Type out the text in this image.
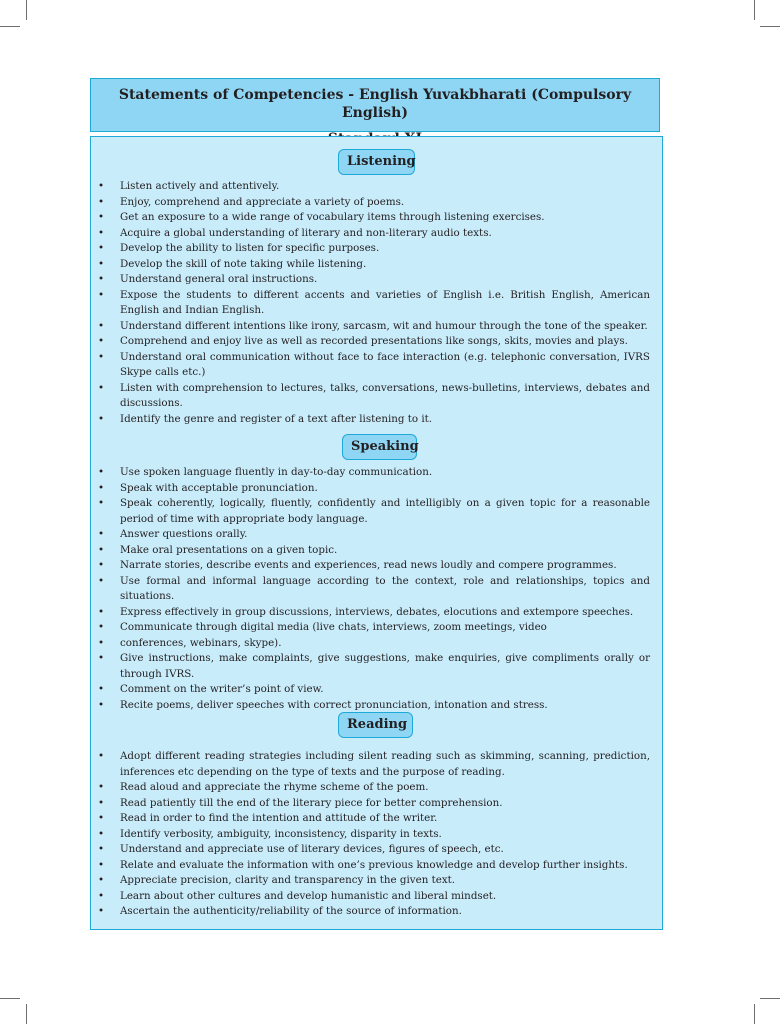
Statements of Competencies - English Yuvakbharati (Compulsory English)
Listening
• Listen actively and attentively.
• Enjoy, comprehend and appreciate a variety of poems.
• Get an exposure to a wide range of vocabulary items through listening exercises.
• Acquire a global understanding of literary and non-literary audio texts.
• Develop the ability to listen for specific purposes.
• Develop the skill of note taking while listening.
• Understand general oral instructions.
• Expose the students to different accents and varieties of English i.e. British English, American English and Indian English.
• Understand different intentions like irony, sarcasm, wit and humour through the tone of the speaker.
• Comprehend and enjoy live as well as recorded presentations like songs, skits, movies and plays.
• Understand oral communication without face to face interaction (e.g. telephonic conversation, IVRS Skype calls etc.)
• Listen with comprehension to lectures, talks, conversations, news-bulletins, interviews, debates and discussions.
• Identify the genre and register of a text after listening to it.
Speaking
• Use spoken language fluently in day-to-day communication.
• Speak with acceptable pronunciation.
• Speak coherently, logically, fluently, confidently and intelligibly on a given topic for a reasonable period of time with appropriate body language.
• Answer questions orally.
• Make oral presentations on a given topic.
• Narrate stories, describe events and experiences, read news loudly and compere programmes.
• Use formal and informal language according to the context, role and relationships, topics and situations.
• Express effectively in group discussions, interviews, debates, elocutions and extempore speeches.
• Communicate through digital media (live chats, interviews, zoom meetings, video
• conferences, webinars, skype).
• Give instructions, make complaints, give suggestions, make enquiries, give compliments orally or through IVRS.
• Comment on the writer’s point of view.
• Recite poems, deliver speeches with correct pronunciation, intonation and stress.
Reading
• Adopt different reading strategies including silent reading such as skimming, scanning, prediction, inferences etc depending on the type of texts and the purpose of reading.
• Read aloud and appreciate the rhyme scheme of the poem.
• Read patiently till the end of the literary piece for better comprehension.
• Read in order to find the intention and attitude of the writer.
• Identify verbosity, ambiguity, inconsistency, disparity in texts.
• Understand and appreciate use of literary devices, figures of speech, etc.
• Relate and evaluate the information with one’s previous knowledge and develop further insights.
• Appreciate precision, clarity and transparency in the given text.
• Learn about other cultures and develop humanistic and liberal mindset.
• Ascertain the authenticity/reliability of the source of information.
